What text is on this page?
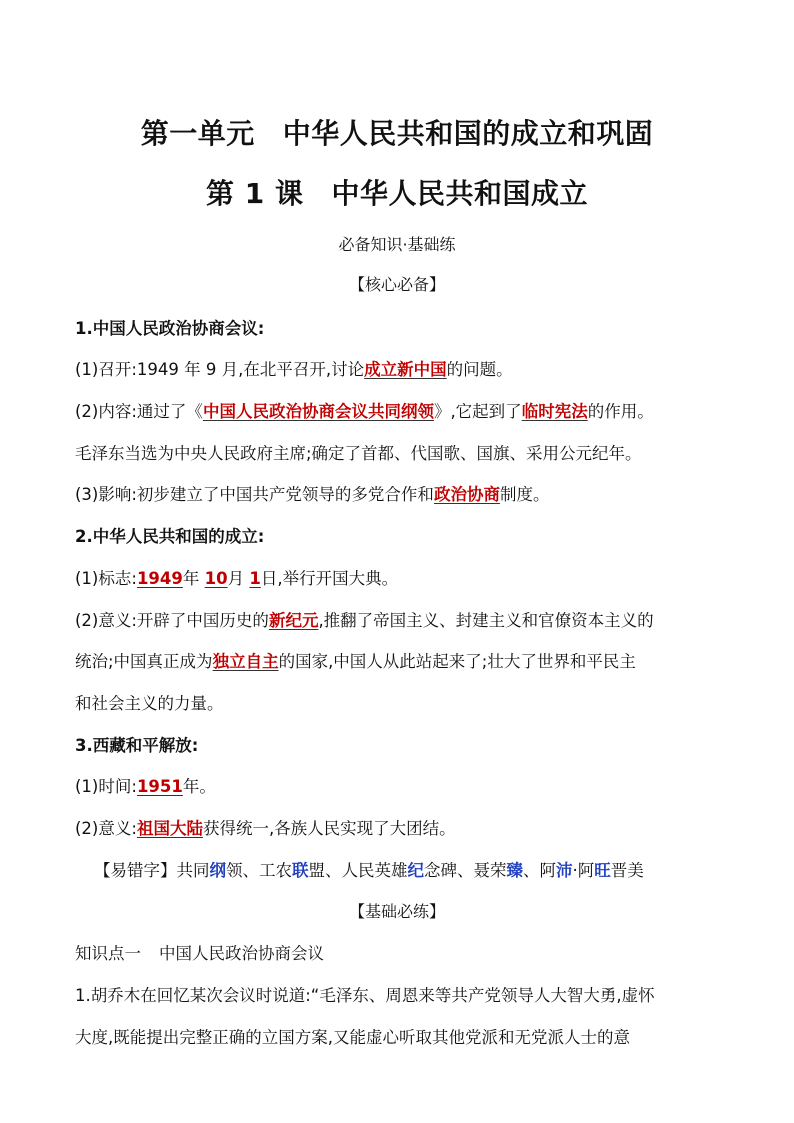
第一单元 中华人民共和国的成立和巩固
第 1 课 中华人民共和国成立
必备知识·基础练
【核心必备】
1.中国人民政治协商会议:
(1)召开:1949 年 9 月,在北平召开,讨论成立新中国的问题。
(2)内容:通过了《中国人民政治协商会议共同纲领》,它起到了临时宪法的作用。
毛泽东当选为中央人民政府主席;确定了首都、代国歌、国旗、采用公元纪年。
(3)影响:初步建立了中国共产党领导的多党合作和政治协商制度。
2.中华人民共和国的成立:
(1)标志:1949年 10月 1日,举行开国大典。
(2)意义:开辟了中国历史的新纪元,推翻了帝国主义、封建主义和官僚资本主义的
统治;中国真正成为独立自主的国家,中国人从此站起来了;壮大了世界和平民主
和社会主义的力量。
3.西藏和平解放:
(1)时间:1951年。
(2)意义:祖国大陆获得统一,各族人民实现了大团结。
【易错字】共同纲领、工农联盟、人民英雄纪念碑、聂荣臻、阿沛·阿旺晋美
【基础必练】
知识点一 中国人民政治协商会议
1.胡乔木在回忆某次会议时说道:“毛泽东、周恩来等共产党领导人大智大勇,虚怀
大度,既能提出完整正确的立国方案,又能虚心听取其他党派和无党派人士的意
